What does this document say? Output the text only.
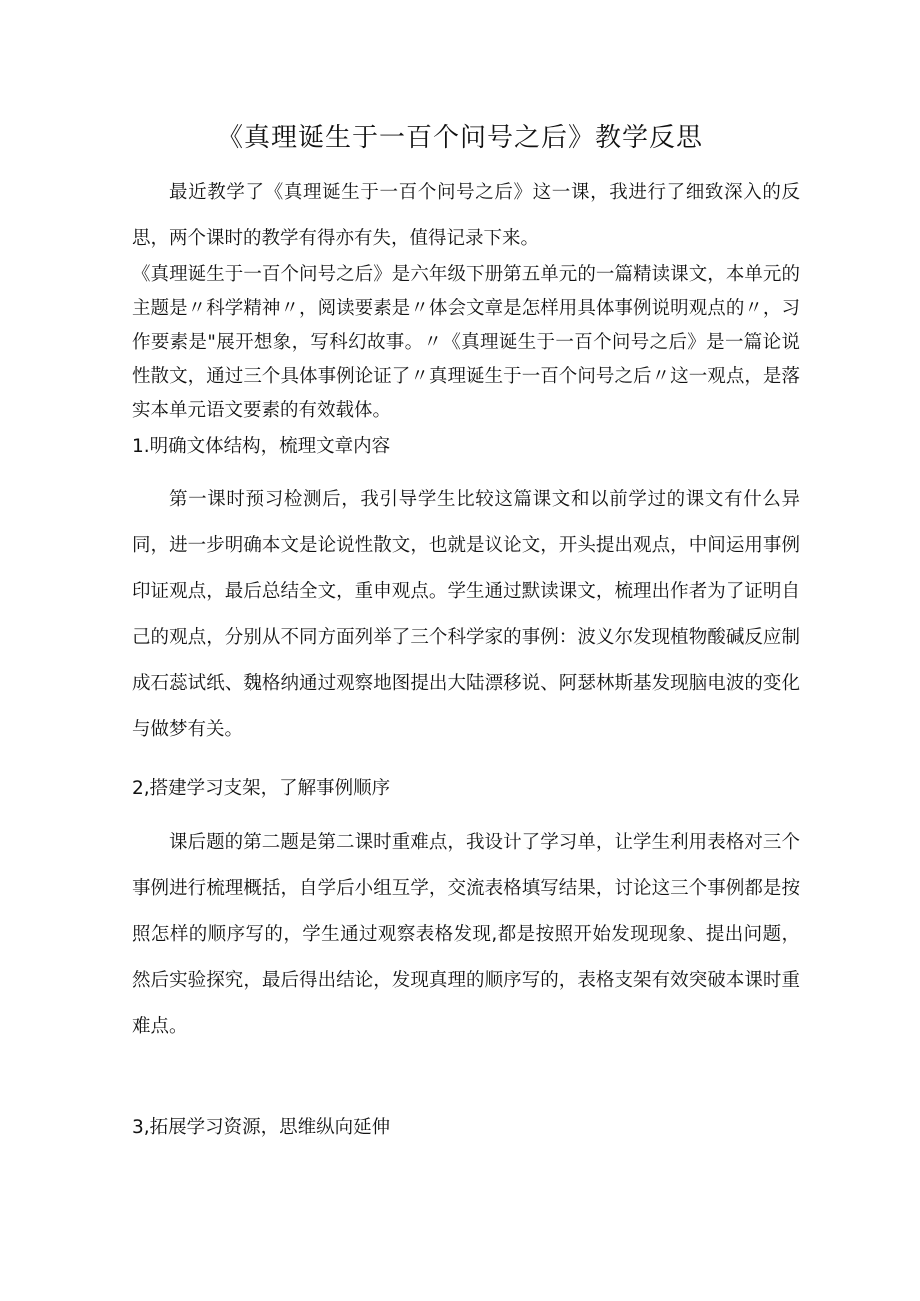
《真理诞生于一百个问号之后》教学反思

最近教学了《真理诞生于一百个问号之后》这一课，我进行了细致深入的反思，两个课时的教学有得亦有失，值得记录下来。

《真理诞生于一百个问号之后》是六年级下册第五单元的一篇精读课文，本单元的主题是〃科学精神〃，阅读要素是〃体会文章是怎样用具体事例说明观点的〃，习作要素是"展开想象，写科幻故事。〃《真理诞生于一百个问号之后》是一篇论说性散文，通过三个具体事例论证了〃真理诞生于一百个问号之后〃这一观点，是落实本单元语文要素的有效载体。

1.明确文体结构，梳理文章内容

第一课时预习检测后，我引导学生比较这篇课文和以前学过的课文有什么异同，进一步明确本文是论说性散文，也就是议论文，开头提出观点，中间运用事例印证观点，最后总结全文，重申观点。学生通过默读课文，梳理出作者为了证明自己的观点，分别从不同方面列举了三个科学家的事例：波义尔发现植物酸碱反应制成石蕊试纸、魏格纳通过观察地图提出大陆漂移说、阿瑟林斯基发现脑电波的变化与做梦有关。

2,搭建学习支架，了解事例顺序

课后题的第二题是第二课时重难点，我设计了学习单，让学生利用表格对三个事例进行梳理概括，自学后小组互学，交流表格填写结果，讨论这三个事例都是按照怎样的顺序写的，学生通过观察表格发现,都是按照开始发现现象、提出问题，然后实验探究，最后得出结论，发现真理的顺序写的，表格支架有效突破本课时重难点。

3,拓展学习资源，思维纵向延伸
